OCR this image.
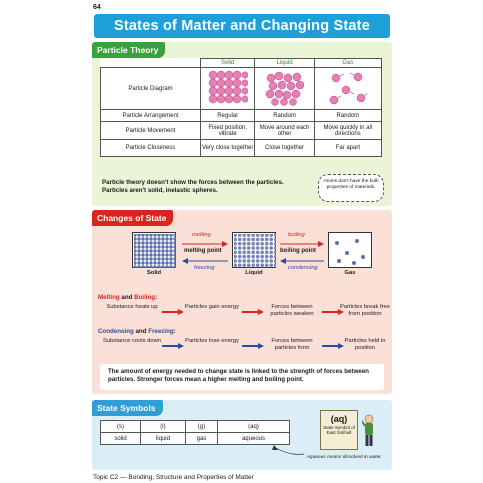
64
States of Matter and Changing State
Particle Theory
	Solid	Liquid	Gas
Particle Diagram			
Particle Arrangement	Regular	Random	Random
Particle Movement	Fixed position, vibrate	Move around each other	Move quickly in all directions
Particle Closeness	Very close together	Close together	Far apart
Particle theory doesn't show the forces between the particles.
Particles aren't solid, inelastic spheres.
Atoms don't have the bulk properties of materials.
Changes of State
Solid	Liquid	Gas
melting
melting point
freezing
boiling
boiling point
condensing
Melting and Boiling:
Substance heats up	Particles gain energy	Forces between particles weaken
Particles break free from position
Condensing and Freezing:
Substance cools down	Particles lose energy	Forces between particles form
Particles held in position
The amount of energy needed to change state is linked to the strength of forces between particles. Stronger forces mean a higher melting and boiling point.
State Symbols
(s)	(l)	(g)	(aq)
solid	liquid	gas	aqueous
(aq)
State Symbol of East Solihull
Aqueous means dissolved in water.
Topic C2 — Bonding, Structure and Properties of Matter
